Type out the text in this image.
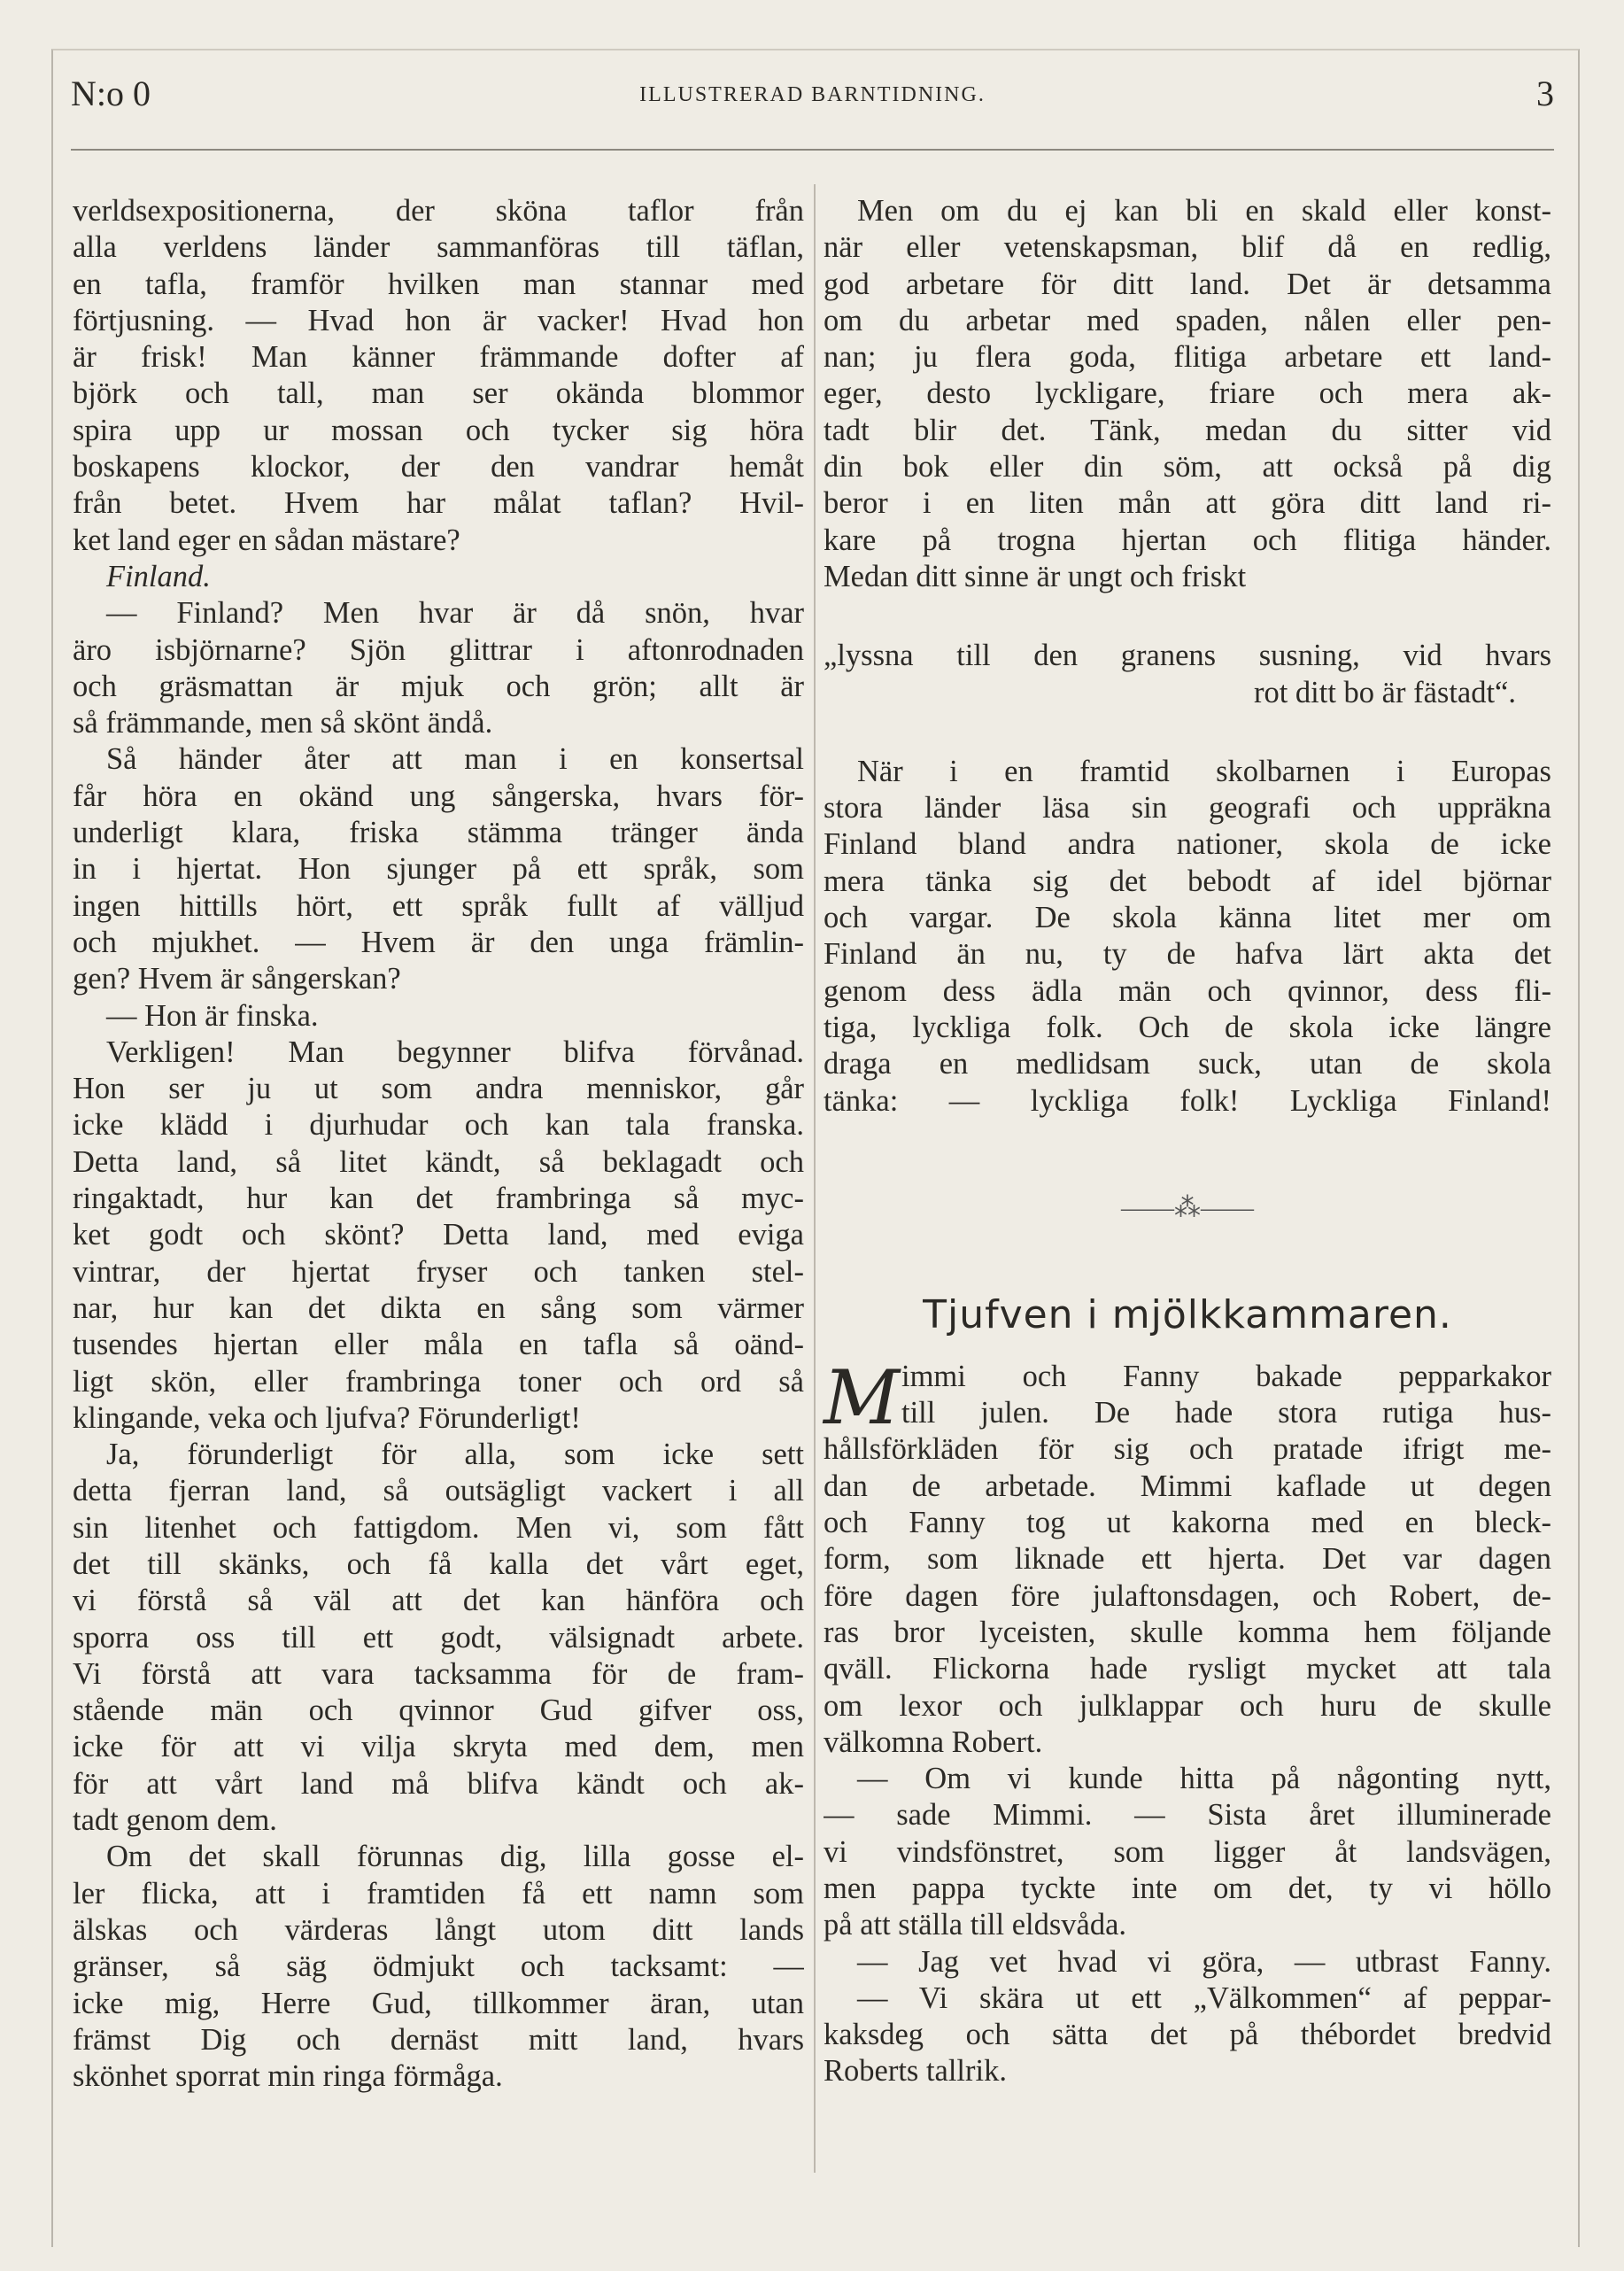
N:o 0	ILLUSTRERAD BARNTIDNING.	3
verldsexpositionerna, der sköna taflor från
alla verldens länder sammanföras till täflan,
en tafla, framför hvilken man stannar med
förtjusning. — Hvad hon är vacker! Hvad hon
är frisk! Man känner främmande dofter af
björk och tall, man ser okända blommor
spira upp ur mossan och tycker sig höra
boskapens klockor, der den vandrar hemåt
från betet. Hvem har målat taflan? Hvil-
ket land eger en sådan mästare?
Finland.
— Finland? Men hvar är då snön, hvar
äro isbjörnarne? Sjön glittrar i aftonrodnaden
och gräsmattan är mjuk och grön; allt är
så främmande, men så skönt ändå.
Så händer åter att man i en konsertsal
får höra en okänd ung sångerska, hvars för-
underligt klara, friska stämma tränger ända
in i hjertat. Hon sjunger på ett språk, som
ingen hittills hört, ett språk fullt af välljud
och mjukhet. — Hvem är den unga främlin-
gen? Hvem är sångerskan?
— Hon är finska.
Verkligen! Man begynner blifva förvånad.
Hon ser ju ut som andra menniskor, går
icke klädd i djurhudar och kan tala franska.
Detta land, så litet kändt, så beklagadt och
ringaktadt, hur kan det frambringa så myc-
ket godt och skönt? Detta land, med eviga
vintrar, der hjertat fryser och tanken stel-
nar, hur kan det dikta en sång som värmer
tusendes hjertan eller måla en tafla så oänd-
ligt skön, eller frambringa toner och ord så
klingande, veka och ljufva? Förunderligt!
Ja, förunderligt för alla, som icke sett
detta fjerran land, så outsägligt vackert i all
sin litenhet och fattigdom. Men vi, som fått
det till skänks, och få kalla det vårt eget,
vi förstå så väl att det kan hänföra och
sporra oss till ett godt, välsignadt arbete.
Vi förstå att vara tacksamma för de fram-
stående män och qvinnor Gud gifver oss,
icke för att vi vilja skryta med dem, men
för att vårt land må blifva kändt och ak-
tadt genom dem.
Om det skall förunnas dig, lilla gosse el-
ler flicka, att i framtiden få ett namn som
älskas och värderas långt utom ditt lands
gränser, så säg ödmjukt och tacksamt: —
icke mig, Herre Gud, tillkommer äran, utan
främst Dig och dernäst mitt land, hvars
skönhet sporrat min ringa förmåga.
Men om du ej kan bli en skald eller konst-
när eller vetenskapsman, blif då en redlig,
god arbetare för ditt land. Det är detsamma
om du arbetar med spaden, nålen eller pen-
nan; ju flera goda, flitiga arbetare ett land-
eger, desto lyckligare, friare och mera ak-
tadt blir det. Tänk, medan du sitter vid
din bok eller din söm, att också på dig
beror i en liten mån att göra ditt land ri-
kare på trogna hjertan och flitiga händer.
Medan ditt sinne är ungt och friskt
„lyssna till den granens susning, vid hvars
rot ditt bo är fästadt“.
När i en framtid skolbarnen i Europas
stora länder läsa sin geografi och uppräkna
Finland bland andra nationer, skola de icke
mera tänka sig det bebodt af idel björnar
och vargar. De skola känna litet mer om
Finland än nu, ty de hafva lärt akta det
genom dess ädla män och qvinnor, dess fli-
tiga, lyckliga folk. Och de skola icke längre
draga en medlidsam suck, utan de skola
tänka: — lyckliga folk! Lyckliga Finland!
——⁂——
Tjufven i mjölkkammaren.
M immi och Fanny bakade pepparkakor
till julen. De hade stora rutiga hus-
hållsförkläden för sig och pratade ifrigt me-
dan de arbetade. Mimmi kaflade ut degen
och Fanny tog ut kakorna med en bleck-
form, som liknade ett hjerta. Det var dagen
före dagen före julaftonsdagen, och Robert, de-
ras bror lyceisten, skulle komma hem följande
qväll. Flickorna hade rysligt mycket att tala
om lexor och julklappar och huru de skulle
välkomna Robert.
— Om vi kunde hitta på någonting nytt,
— sade Mimmi. — Sista året illuminerade
vi vindsfönstret, som ligger åt landsvägen,
men pappa tyckte inte om det, ty vi höllo
på att ställa till eldsvåda.
— Jag vet hvad vi göra, — utbrast Fanny.
— Vi skära ut ett „Välkommen“ af peppar-
kaksdeg och sätta det på thébordet bredvid
Roberts tallrik.
